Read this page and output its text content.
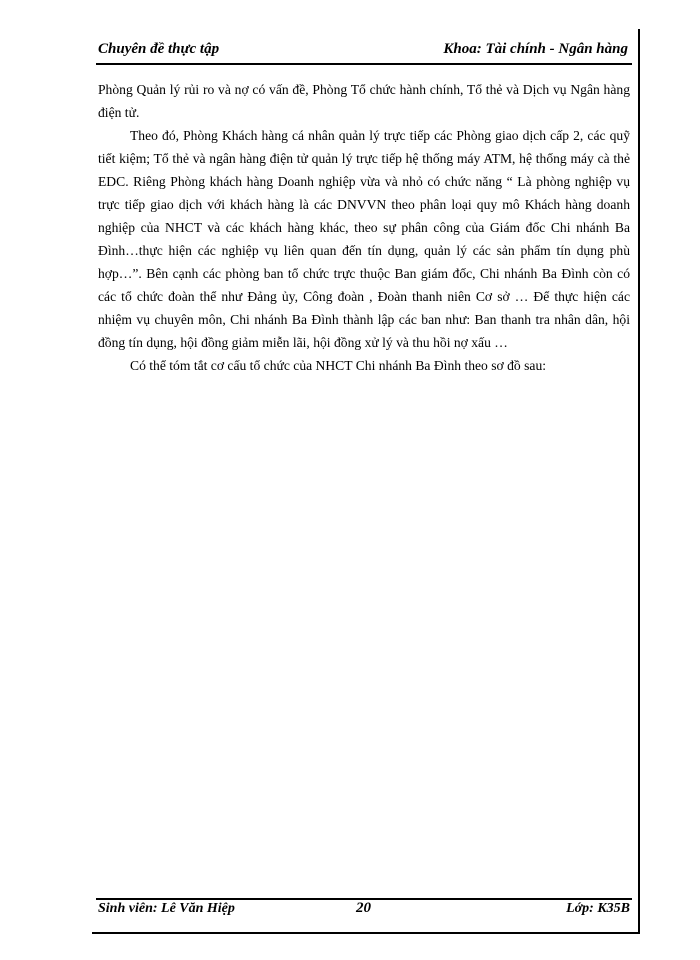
Chuyên đề thực tập	Khoa: Tài chính - Ngân hàng

Phòng Quản lý rủi ro và nợ có vấn đề, Phòng Tổ chức hành chính, Tổ thẻ và Dịch vụ Ngân hàng điện tử.

Theo đó, Phòng Khách hàng cá nhân quản lý trực tiếp các Phòng giao dịch cấp 2, các quỹ tiết kiệm; Tổ thẻ và ngân hàng điện tử quản lý trực tiếp hệ thống máy ATM, hệ thống máy cà thẻ EDC. Riêng Phòng khách hàng Doanh nghiệp vừa và nhỏ có chức năng “ Là phòng nghiệp vụ trực tiếp giao dịch với khách hàng là các DNVVN theo phân loại quy mô Khách hàng doanh nghiệp của NHCT và các khách hàng khác, theo sự phân công của Giám đốc Chi nhánh Ba Đình…thực hiện các nghiệp vụ liên quan đến tín dụng, quản lý các sản phẩm tín dụng phù hợp…”. Bên cạnh các phòng ban tổ chức trực thuộc Ban giám đốc, Chi nhánh Ba Đình còn có các tổ chức đoàn thể như Đảng ủy, Công đoàn , Đoàn thanh niên Cơ sở … Để thực hiện các nhiệm vụ chuyên môn, Chi nhánh Ba Đình thành lập các ban như: Ban thanh tra nhân dân, hội đồng tín dụng, hội đồng giảm miễn lãi, hội đồng xử lý và thu hồi nợ xấu …

Có thể tóm tắt cơ cấu tổ chức của NHCT Chi nhánh Ba Đình theo sơ đồ sau:

Sinh viên: Lê Văn Hiệp	20	Lớp: K35B
